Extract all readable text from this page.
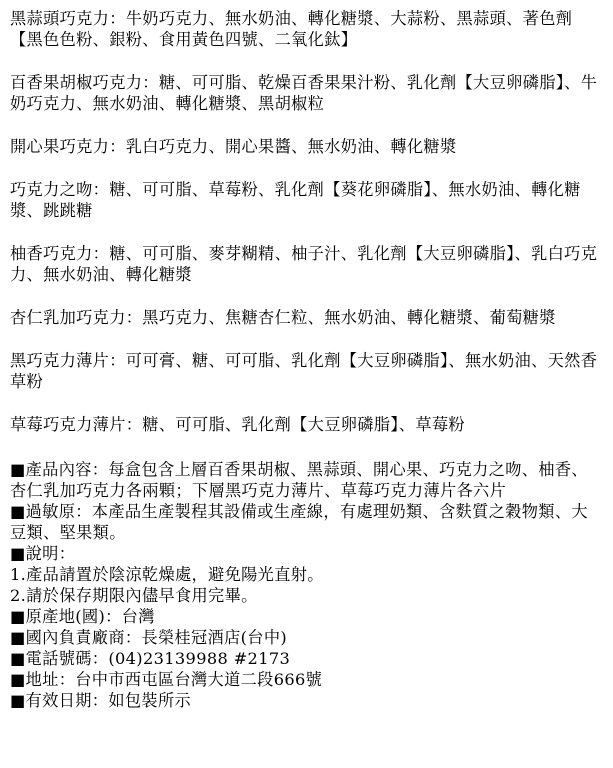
黑蒜頭巧克力：牛奶巧克力、無水奶油、轉化糖漿、大蒜粉、黑蒜頭、著色劑【黑色色粉、銀粉、食用黃色四號、二氧化鈦】

百香果胡椒巧克力：糖、可可脂、乾燥百香果果汁粉、乳化劑【大豆卵磷脂】、牛奶巧克力、無水奶油、轉化糖漿、黑胡椒粒

開心果巧克力：乳白巧克力、開心果醬、無水奶油、轉化糖漿

巧克力之吻：糖、可可脂、草莓粉、乳化劑【葵花卵磷脂】、無水奶油、轉化糖漿、跳跳糖

柚香巧克力：糖、可可脂、麥芽糊精、柚子汁、乳化劑【大豆卵磷脂】、乳白巧克力、無水奶油、轉化糖漿

杏仁乳加巧克力：黑巧克力、焦糖杏仁粒、無水奶油、轉化糖漿、葡萄糖漿

黑巧克力薄片：可可膏、糖、可可脂、乳化劑【大豆卵磷脂】、無水奶油、天然香草粉

草莓巧克力薄片：糖、可可脂、乳化劑【大豆卵磷脂】、草莓粉

■產品內容：每盒包含上層百香果胡椒、黑蒜頭、開心果、巧克力之吻、柚香、杏仁乳加巧克力各兩顆；下層黑巧克力薄片、草莓巧克力薄片各六片

■過敏原：本產品生產製程其設備或生產線，有處理奶類、含麩質之穀物類、大豆類、堅果類。

■說明：

1.產品請置於陰涼乾燥處，避免陽光直射。

2.請於保存期限內儘早食用完畢。

■原產地(國)：台灣

■國內負責廠商：長榮桂冠酒店(台中)

■電話號碼：(04)23139988 #2173

■地址：台中市西屯區台灣大道二段666號

■有效日期：如包裝所示
